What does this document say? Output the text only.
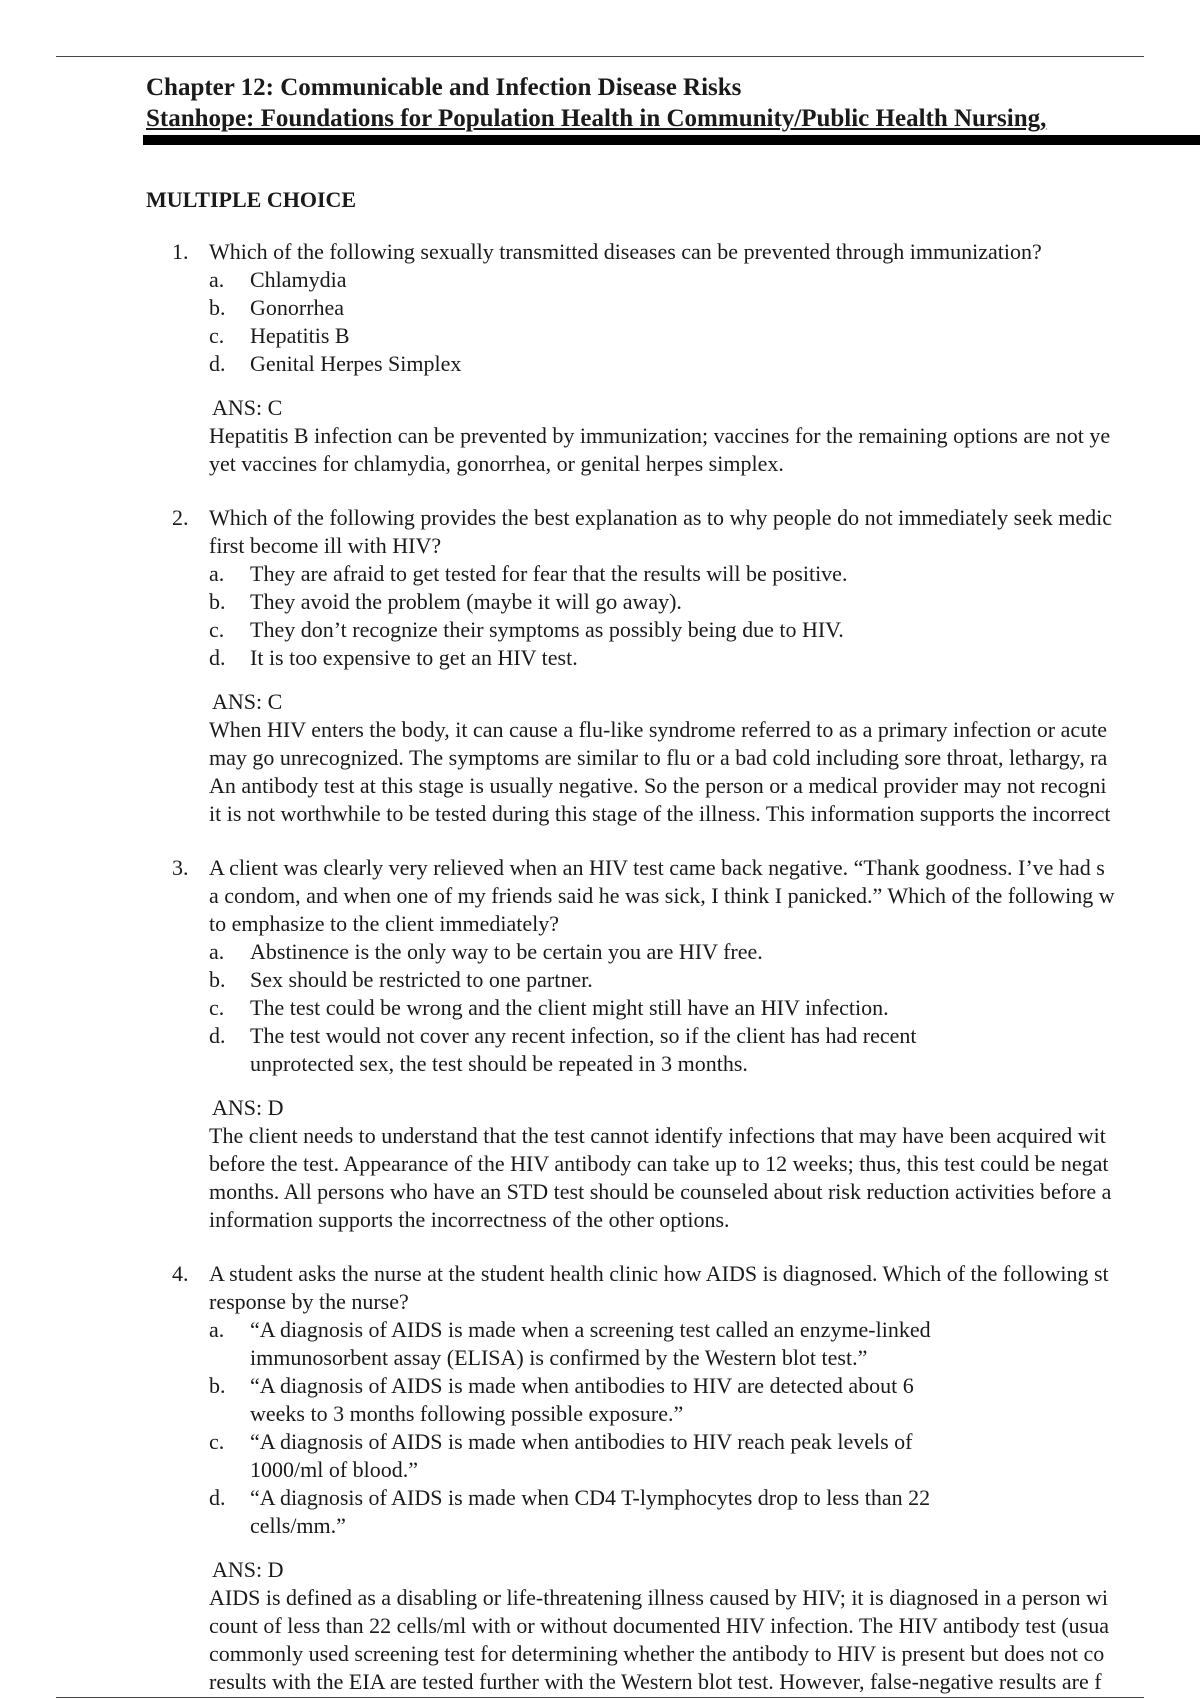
Chapter 12: Communicable and Infection Disease Risks
Stanhope: Foundations for Population Health in Community/Public Health Nursing,
MULTIPLE CHOICE
1. Which of the following sexually transmitted diseases can be prevented through immunization?
a. Chlamydia
b. Gonorrhea
c. Hepatitis B
d. Genital Herpes Simplex
ANS: C
Hepatitis B infection can be prevented by immunization; vaccines for the remaining options are not ye
yet vaccines for chlamydia, gonorrhea, or genital herpes simplex.
2. Which of the following provides the best explanation as to why people do not immediately seek medic
first become ill with HIV?
a. They are afraid to get tested for fear that the results will be positive.
b. They avoid the problem (maybe it will go away).
c. They don’t recognize their symptoms as possibly being due to HIV.
d. It is too expensive to get an HIV test.
ANS: C
When HIV enters the body, it can cause a flu-like syndrome referred to as a primary infection or acute
may go unrecognized. The symptoms are similar to flu or a bad cold including sore throat, lethargy, ra
An antibody test at this stage is usually negative. So the person or a medical provider may not recogni
it is not worthwhile to be tested during this stage of the illness. This information supports the incorrect
3. A client was clearly very relieved when an HIV test came back negative. “Thank goodness. I’ve had s
a condom, and when one of my friends said he was sick, I think I panicked.” Which of the following w
to emphasize to the client immediately?
a. Abstinence is the only way to be certain you are HIV free.
b. Sex should be restricted to one partner.
c. The test could be wrong and the client might still have an HIV infection.
d. The test would not cover any recent infection, so if the client has had recent
unprotected sex, the test should be repeated in 3 months.
ANS: D
The client needs to understand that the test cannot identify infections that may have been acquired wit
before the test. Appearance of the HIV antibody can take up to 12 weeks; thus, this test could be negat
months. All persons who have an STD test should be counseled about risk reduction activities before a
information supports the incorrectness of the other options.
4. A student asks the nurse at the student health clinic how AIDS is diagnosed. Which of the following st
response by the nurse?
a. “A diagnosis of AIDS is made when a screening test called an enzyme-linked
immunosorbent assay (ELISA) is confirmed by the Western blot test.”
b. “A diagnosis of AIDS is made when antibodies to HIV are detected about 6
weeks to 3 months following possible exposure.”
c. “A diagnosis of AIDS is made when antibodies to HIV reach peak levels of
1000/ml of blood.”
d. “A diagnosis of AIDS is made when CD4 T-lymphocytes drop to less than 22
cells/mm.”
ANS: D
AIDS is defined as a disabling or life-threatening illness caused by HIV; it is diagnosed in a person wi
count of less than 22 cells/ml with or without documented HIV infection. The HIV antibody test (usua
commonly used screening test for determining whether the antibody to HIV is present but does not co
results with the EIA are tested further with the Western blot test. However, false-negative results are f
